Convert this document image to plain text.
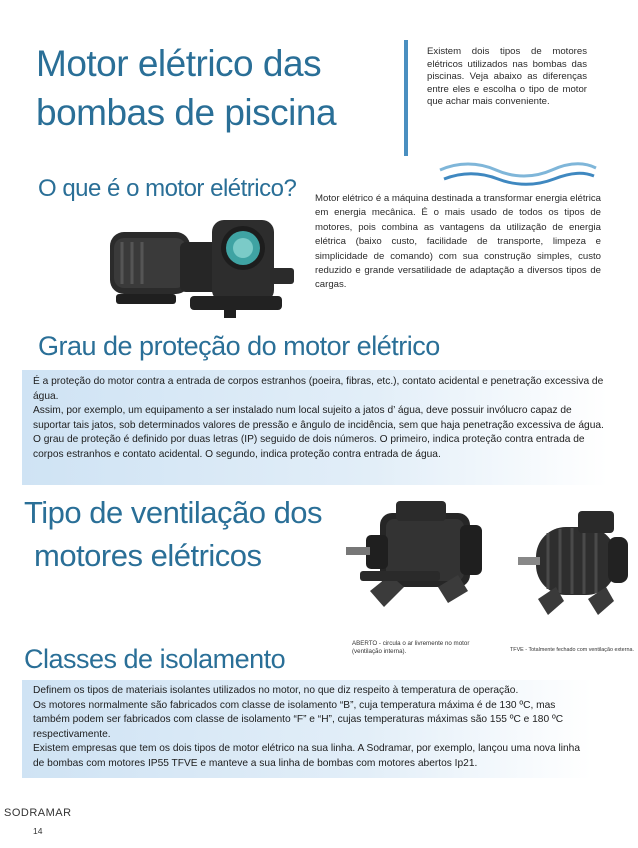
Motor elétrico das
bombas de piscina
Existem dois tipos de motores elétricos utilizados nas bombas das piscinas. Veja abaixo as diferenças entre eles e escolha o tipo de motor que achar mais conveniente.
O que é o motor elétrico? Motor elétrico é a máquina destinada a transformar energia elétrica em energia mecânica. É o mais usado de todos os tipos de motores, pois combina as vantagens da utilização de energia elétrica (baixo custo, facilidade de transporte, limpeza e simplicidade de comando) com sua construção simples, custo reduzido e grande versatilidade de adaptação a diversos tipos de cargas.
Grau de proteção do motor elétrico

É a proteção do motor contra a entrada de corpos estranhos (poeira, fibras, etc.), contato acidental e penetração excessiva de água.

Assim, por exemplo, um equipamento a ser instalado num local sujeito a jatos d’ água, deve possuir invólucro capaz de suportar tais jatos, sob determinados valores de pressão e ângulo de incidência, sem que haja penetração excessiva de água.

O grau de proteção é definido por duas letras (IP) seguido de dois números. O primeiro, indica proteção contra entrada de corpos estranhos e contato acidental. O segundo, indica proteção contra entrada de água.

Tipo de ventilação dos
motores elétricos
ABERTO - circula o ar livremente no motor (ventilação interna).	TFVE - Totalmente fechado com ventilação externa.
Classes de isolamento

Definem os tipos de materiais isolantes utilizados no motor, no que diz respeito à temperatura de operação.

Os motores normalmente são fabricados com classe de isolamento “B”, cuja temperatura máxima é de 130 ºC, mas também podem ser fabricados com classe de isolamento “F” e “H”, cujas temperaturas máximas são 155 ºC e 180 ºC respectivamente.

Existem empresas que tem os dois tipos de motor elétrico na sua linha. A Sodramar, por exemplo, lançou uma nova linha de bombas com motores IP55 TFVE e manteve a sua linha de bombas com motores abertos Ip21.

SODRAMAR
14
